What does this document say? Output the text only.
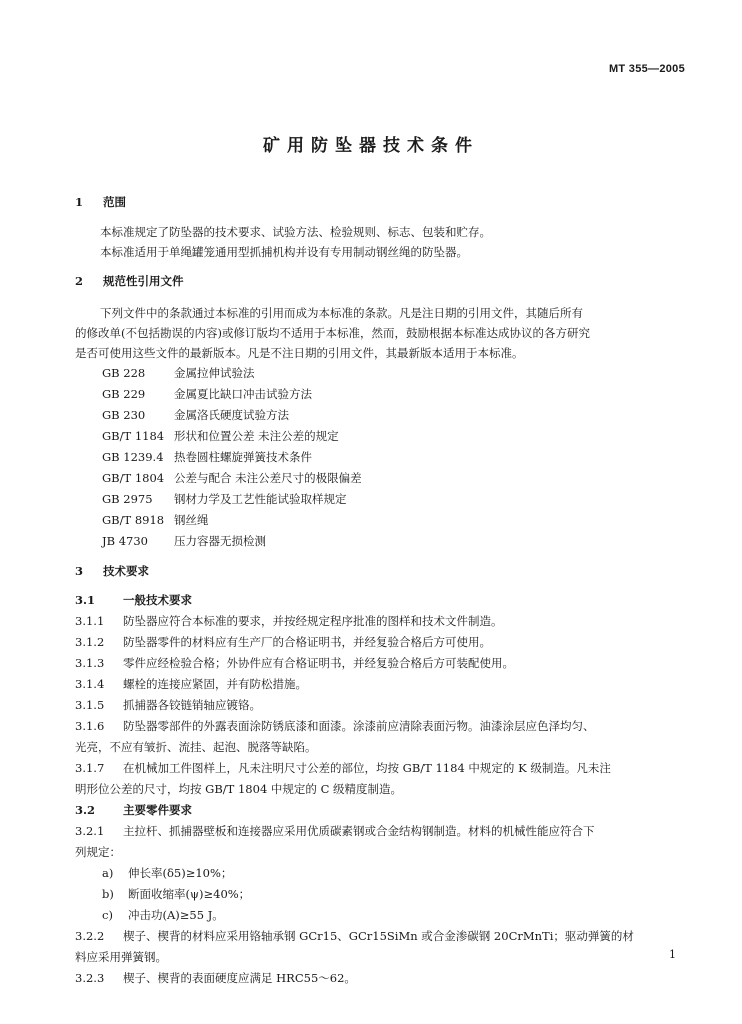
MT 355—2005
矿用防坠器技术条件
1 范围
本标准规定了防坠器的技术要求、试验方法、检验规则、标志、包装和贮存。
本标准适用于单绳罐笼通用型抓捕机构并设有专用制动钢丝绳的防坠器。
2 规范性引用文件
下列文件中的条款通过本标准的引用而成为本标准的条款。凡是注日期的引用文件，其随后所有
的修改单(不包括勘误的内容)或修订版均不适用于本标准，然而，鼓励根据本标准达成协议的各方研究
是否可使用这些文件的最新版本。凡是不注日期的引用文件，其最新版本适用于本标准。
GB 228	金属拉伸试验法
GB 229	金属夏比缺口冲击试验方法
GB 230	金属洛氏硬度试验方法
GB/T 1184 形状和位置公差 未注公差的规定
GB 1239.4 热卷圆柱螺旋弹簧技术条件
GB/T 1804 公差与配合 未注公差尺寸的极限偏差
GB 2975 钢材力学及工艺性能试验取样规定
GB/T 8918 钢丝绳
JB 4730 压力容器无损检测
3 技术要求
3.1 一般技术要求
3.1.1 防坠器应符合本标准的要求，并按经规定程序批准的图样和技术文件制造。
3.1.2 防坠器零件的材料应有生产厂的合格证明书，并经复验合格后方可使用。
3.1.3 零件应经检验合格；外协件应有合格证明书，并经复验合格后方可装配使用。
3.1.4 螺栓的连接应紧固，并有防松措施。
3.1.5 抓捕器各铰链销轴应镀铬。
3.1.6 防坠器零部件的外露表面涂防锈底漆和面漆。涂漆前应清除表面污物。油漆涂层应色泽均匀、
光亮，不应有皱折、流挂、起泡、脱落等缺陷。
3.1.7 在机械加工件图样上，凡未注明尺寸公差的部位，均按 GB/T 1184 中规定的 K 级制造。凡未注
明形位公差的尺寸，均按 GB/T 1804 中规定的 C 级精度制造。
3.2 主要零件要求
3.2.1 主拉杆、抓捕器壁板和连接器应采用优质碳素钢或合金结构钢制造。材料的机械性能应符合下
列规定：
a) 伸长率(δ5)≥10%；
b) 断面收缩率(ψ)≥40%；
c) 冲击功(A)≥55 J。
3.2.2 楔子、楔背的材料应采用铬轴承钢 GCr15、GCr15SiMn 或合金渗碳钢 20CrMnTi；驱动弹簧的材
料应采用弹簧钢。
3.2.3 楔子、楔背的表面硬度应满足 HRC55～62。
1
